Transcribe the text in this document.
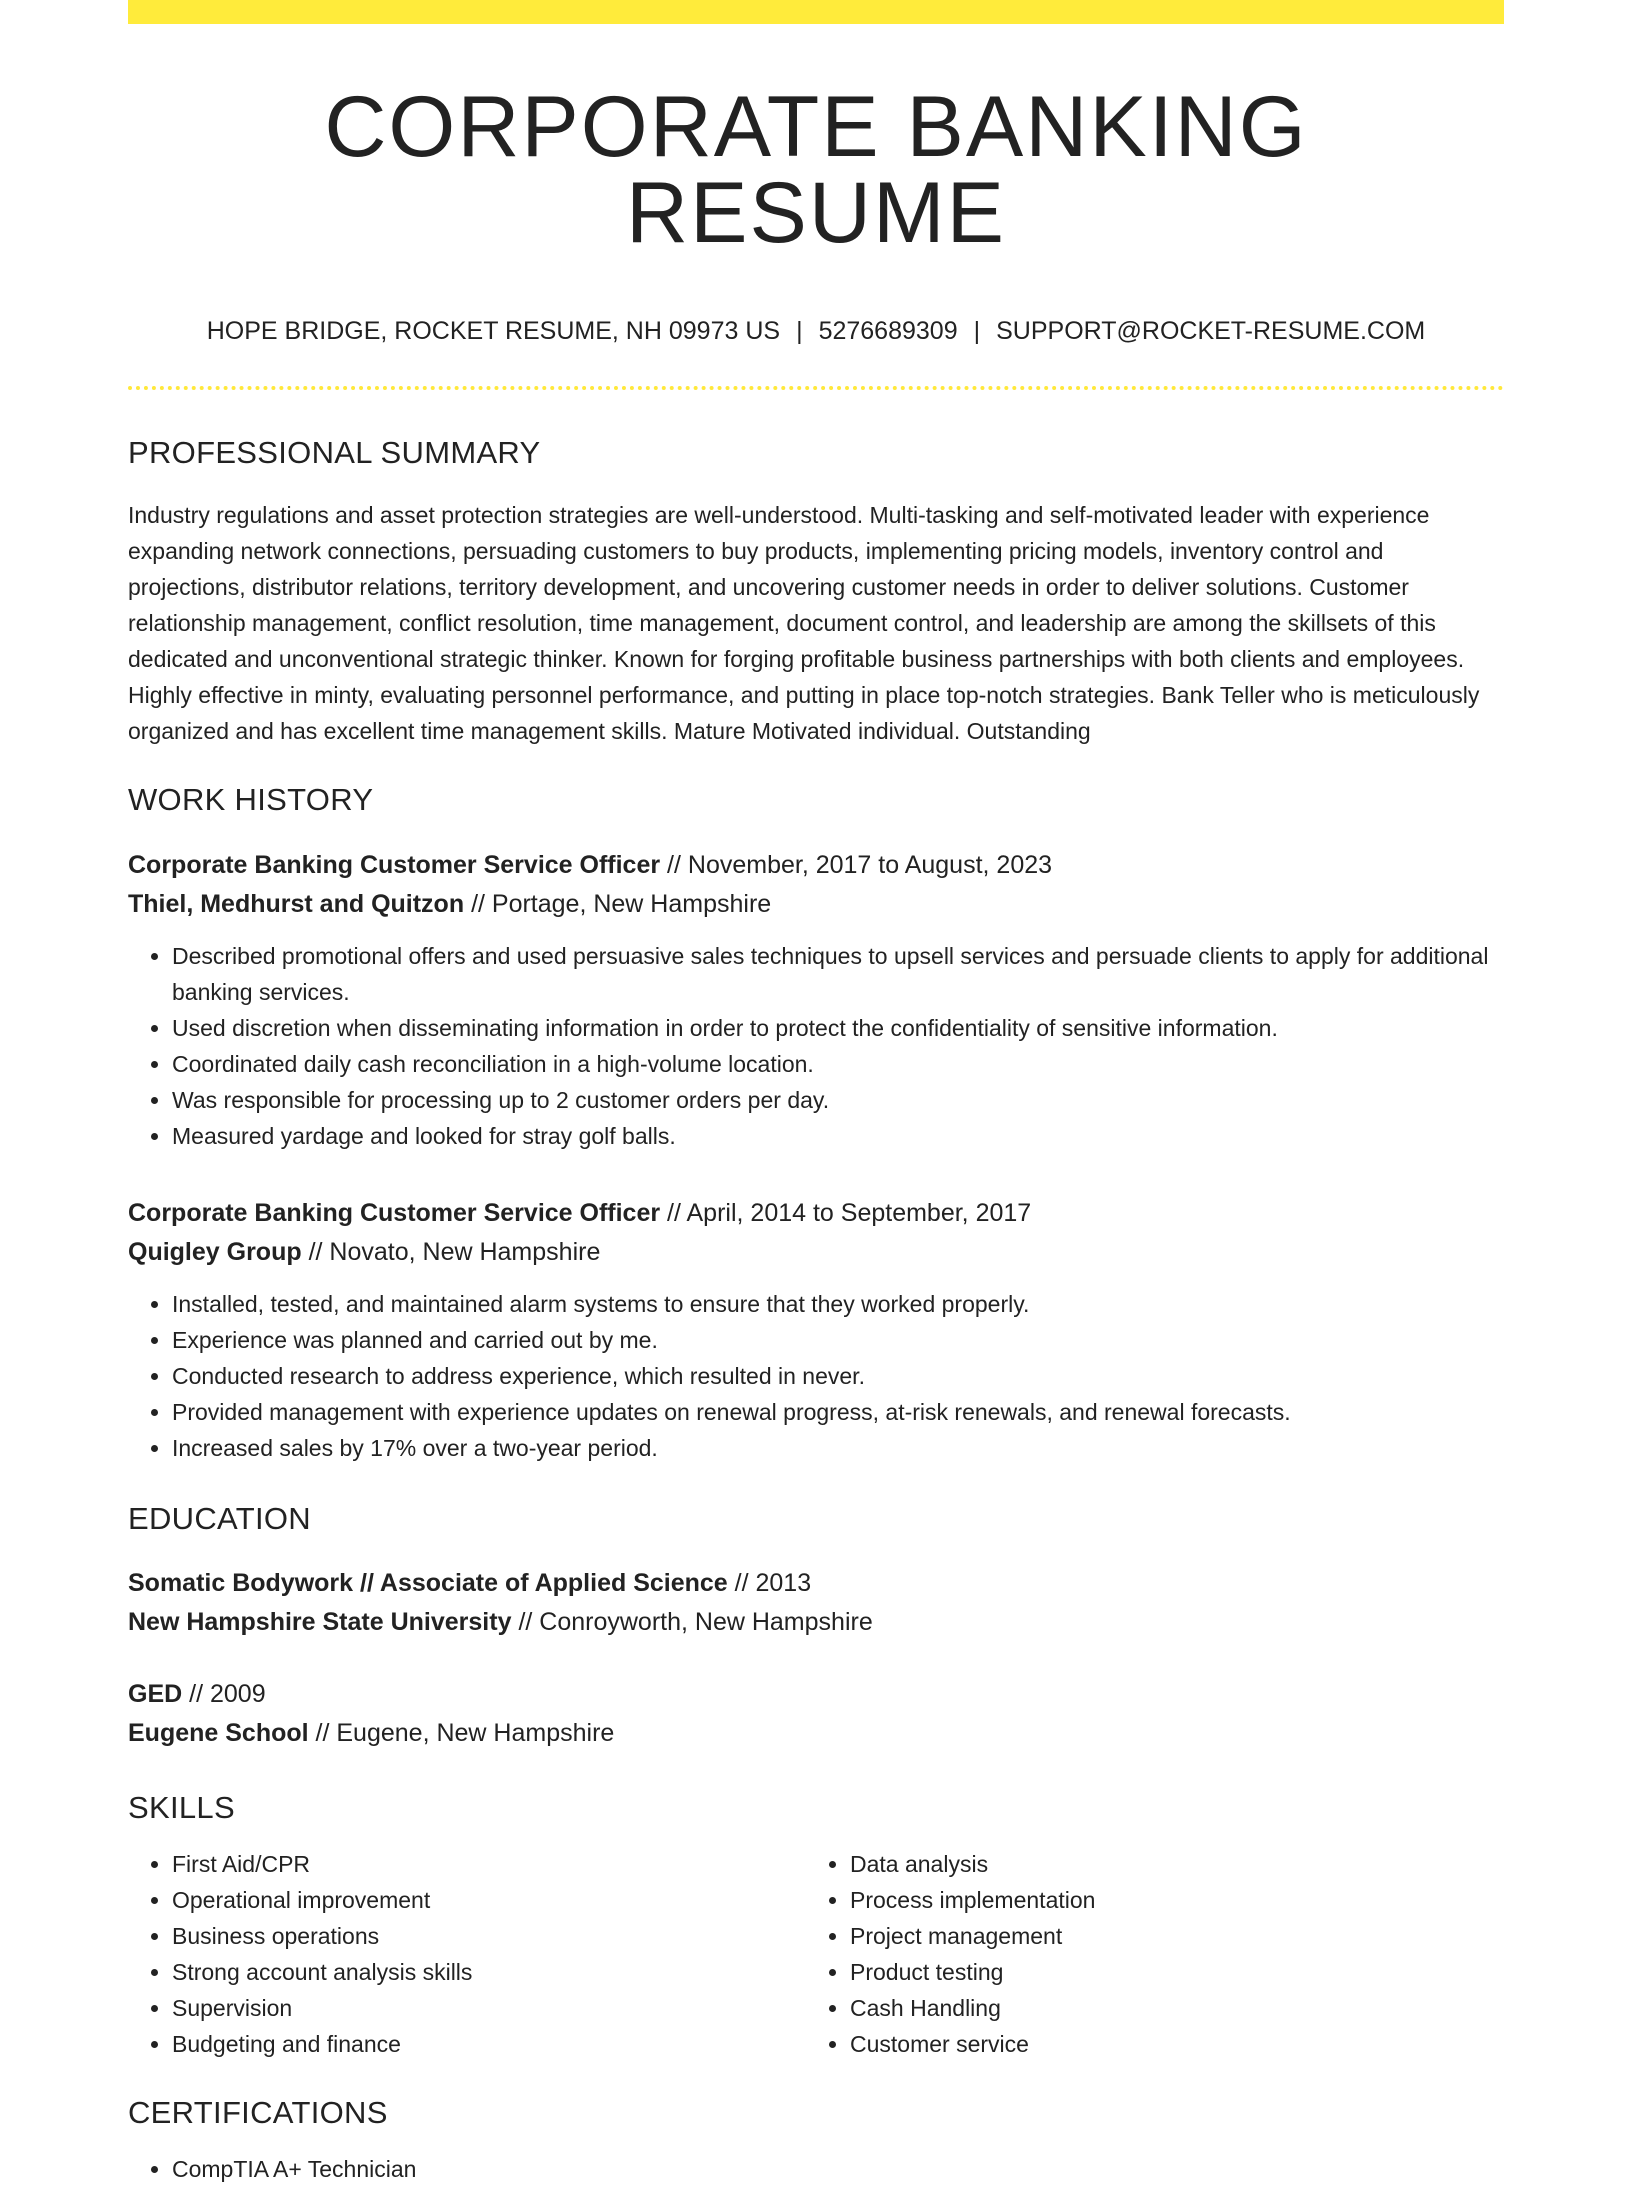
CORPORATE BANKING RESUME
HOPE BRIDGE, ROCKET RESUME, NH 09973 US | 5276689309 | SUPPORT@ROCKET-RESUME.COM
PROFESSIONAL SUMMARY

Industry regulations and asset protection strategies are well-understood. Multi-tasking and self-motivated leader with experience expanding network connections, persuading customers to buy products, implementing pricing models, inventory control and projections, distributor relations, territory development, and uncovering customer needs in order to deliver solutions. Customer relationship management, conflict resolution, time management, document control, and leadership are among the skillsets of this dedicated and unconventional strategic thinker. Known for forging profitable business partnerships with both clients and employees. Highly effective in minty, evaluating personnel performance, and putting in place top-notch strategies. Bank Teller who is meticulously organized and has excellent time management skills. Mature Motivated individual. Outstanding

WORK HISTORY
Corporate Banking Customer Service Officer // November, 2017 to August, 2023
Thiel, Medhurst and Quitzon // Portage, New Hampshire
• Described promotional offers and used persuasive sales techniques to upsell services and persuade clients to apply for additional banking services.
• Used discretion when disseminating information in order to protect the confidentiality of sensitive information.
• Coordinated daily cash reconciliation in a high-volume location.
• Was responsible for processing up to 2 customer orders per day.
• Measured yardage and looked for stray golf balls.
Corporate Banking Customer Service Officer // April, 2014 to September, 2017
Quigley Group // Novato, New Hampshire
• Installed, tested, and maintained alarm systems to ensure that they worked properly.
• Experience was planned and carried out by me.
• Conducted research to address experience, which resulted in never.
• Provided management with experience updates on renewal progress, at-risk renewals, and renewal forecasts.
• Increased sales by 17% over a two-year period.
EDUCATION
Somatic Bodywork // Associate of Applied Science // 2013
New Hampshire State University // Conroyworth, New Hampshire
GED // 2009
Eugene School // Eugene, New Hampshire
SKILLS
• First Aid/CPR
• Operational improvement
• Business operations
• Strong account analysis skills
• Supervision
• Budgeting and finance
• Data analysis
• Process implementation
• Project management
• Product testing
• Cash Handling
• Customer service
CERTIFICATIONS
• CompTIA A+ Technician
